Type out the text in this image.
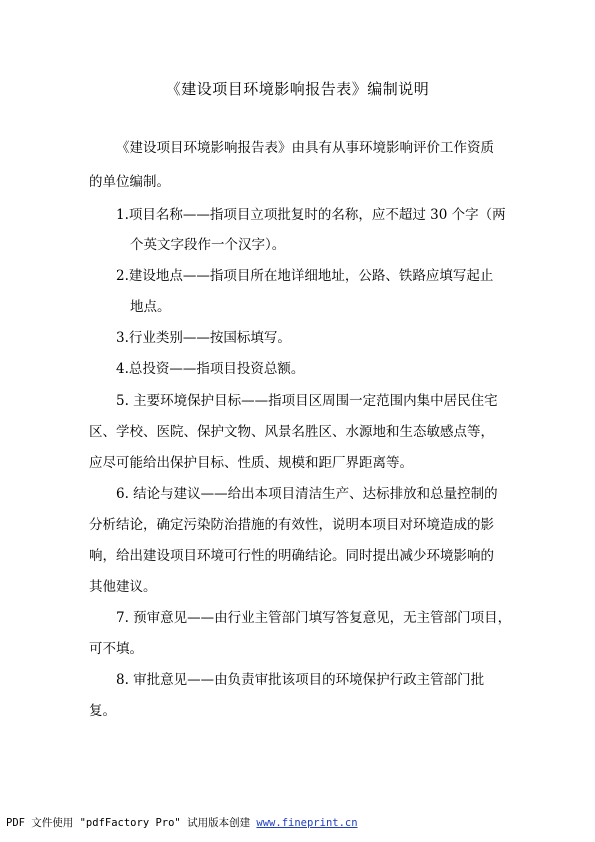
《建设项目环境影响报告表》编制说明
《建设项目环境影响报告表》由具有从事环境影响评价工作资质
的单位编制。
1.项目名称——指项目立项批复时的名称，应不超过 30 个字（两
个英文字段作一个汉字）。
2.建设地点——指项目所在地详细地址，公路、铁路应填写起止
地点。
3.行业类别——按国标填写。
4.总投资——指项目投资总额。
5. 主要环境保护目标——指项目区周围一定范围内集中居民住宅
区、学校、医院、保护文物、风景名胜区、水源地和生态敏感点等，
应尽可能给出保护目标、性质、规模和距厂界距离等。
6. 结论与建议——给出本项目清洁生产、达标排放和总量控制的
分析结论，确定污染防治措施的有效性，说明本项目对环境造成的影
响，给出建设项目环境可行性的明确结论。同时提出减少环境影响的
其他建议。
7. 预审意见——由行业主管部门填写答复意见，无主管部门项目，
可不填。
8. 审批意见——由负责审批该项目的环境保护行政主管部门批
复。
PDF 文件使用 "pdfFactory Pro" 试用版本创建 www.fineprint.cn
